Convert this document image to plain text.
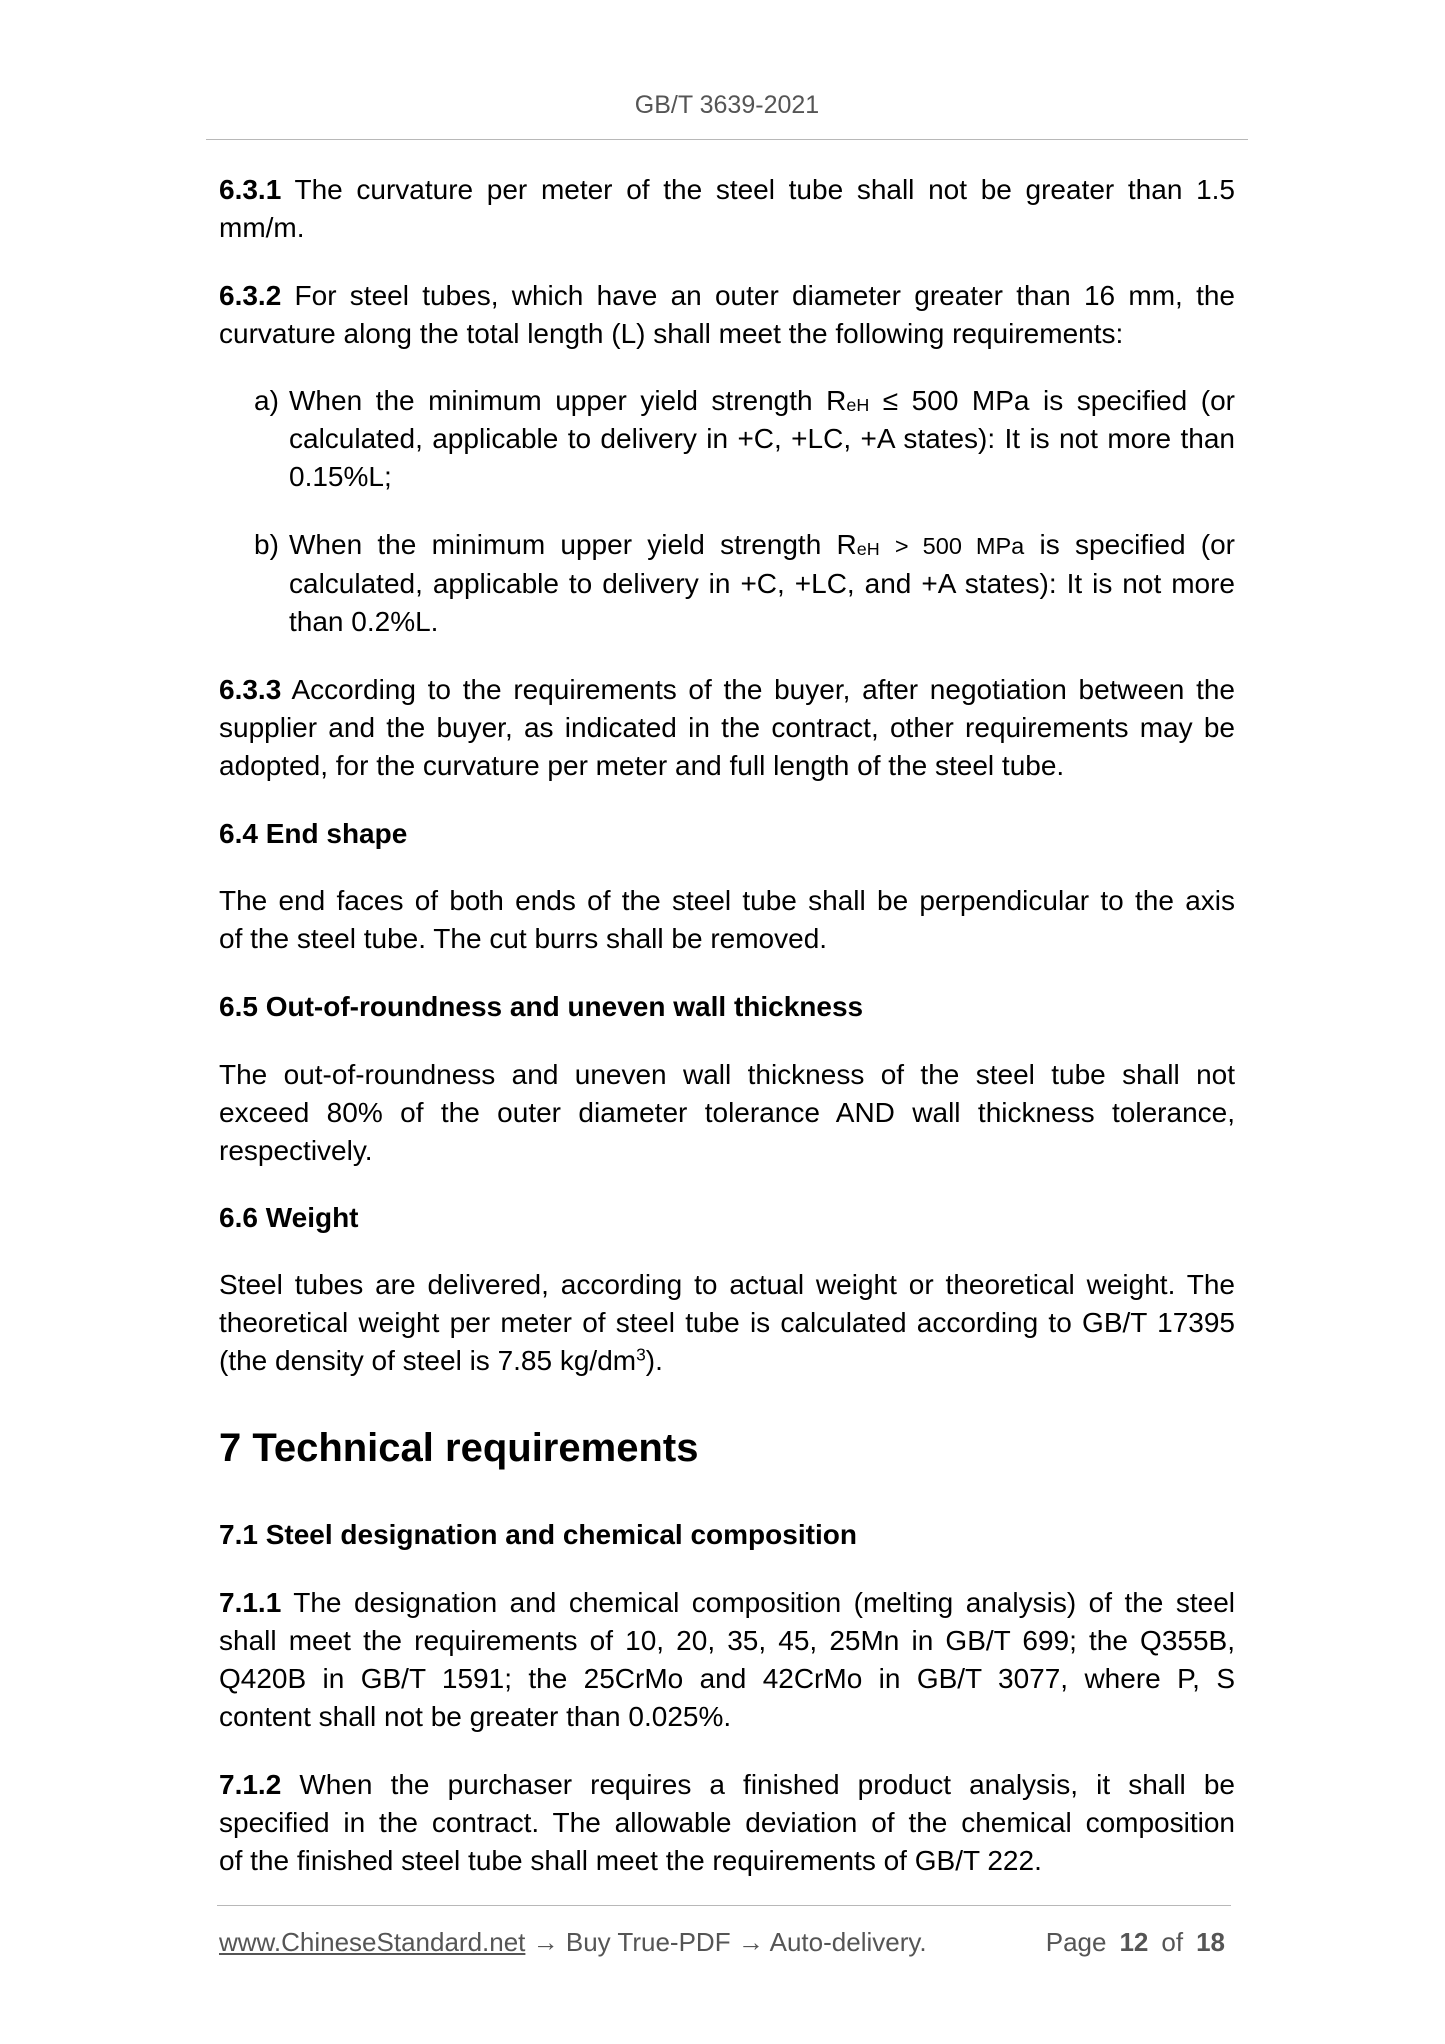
GB/T 3639-2021
6.3.1 The curvature per meter of the steel tube shall not be greater than 1.5
mm/m.
6.3.2 For steel tubes, which have an outer diameter greater than 16 mm, the
curvature along the total length (L) shall meet the following requirements:
a) When the minimum upper yield strength ReH ≤ 500 MPa is specified (or
calculated, applicable to delivery in +C, +LC, +A states): It is not more than
0.15%L;
b) When the minimum upper yield strength ReH > 500 MPa is specified (or
calculated, applicable to delivery in +C, +LC, and +A states): It is not more
than 0.2%L.
6.3.3 According to the requirements of the buyer, after negotiation between the
supplier and the buyer, as indicated in the contract, other requirements may be
adopted, for the curvature per meter and full length of the steel tube.
6.4 End shape
The end faces of both ends of the steel tube shall be perpendicular to the axis
of the steel tube. The cut burrs shall be removed.
6.5 Out-of-roundness and uneven wall thickness
The out-of-roundness and uneven wall thickness of the steel tube shall not
exceed 80% of the outer diameter tolerance AND wall thickness tolerance,
respectively.
6.6 Weight
Steel tubes are delivered, according to actual weight or theoretical weight. The
theoretical weight per meter of steel tube is calculated according to GB/T 17395
(the density of steel is 7.85 $kg/dm^3$).
7 Technical requirements
7.1 Steel designation and chemical composition
7.1.1 The designation and chemical composition (melting analysis) of the steel
shall meet the requirements of 10, 20, 35, 45, 25Mn in GB/T 699; the Q355B,
Q420B in GB/T 1591; the 25CrMo and 42CrMo in GB/T 3077, where P, S
content shall not be greater than 0.025%.
7.1.2 When the purchaser requires a finished product analysis, it shall be
specified in the contract. The allowable deviation of the chemical composition
of the finished steel tube shall meet the requirements of GB/T 222.
www.ChineseStandard.net → Buy True-PDF → Auto-delivery.	Page 12 of 18
